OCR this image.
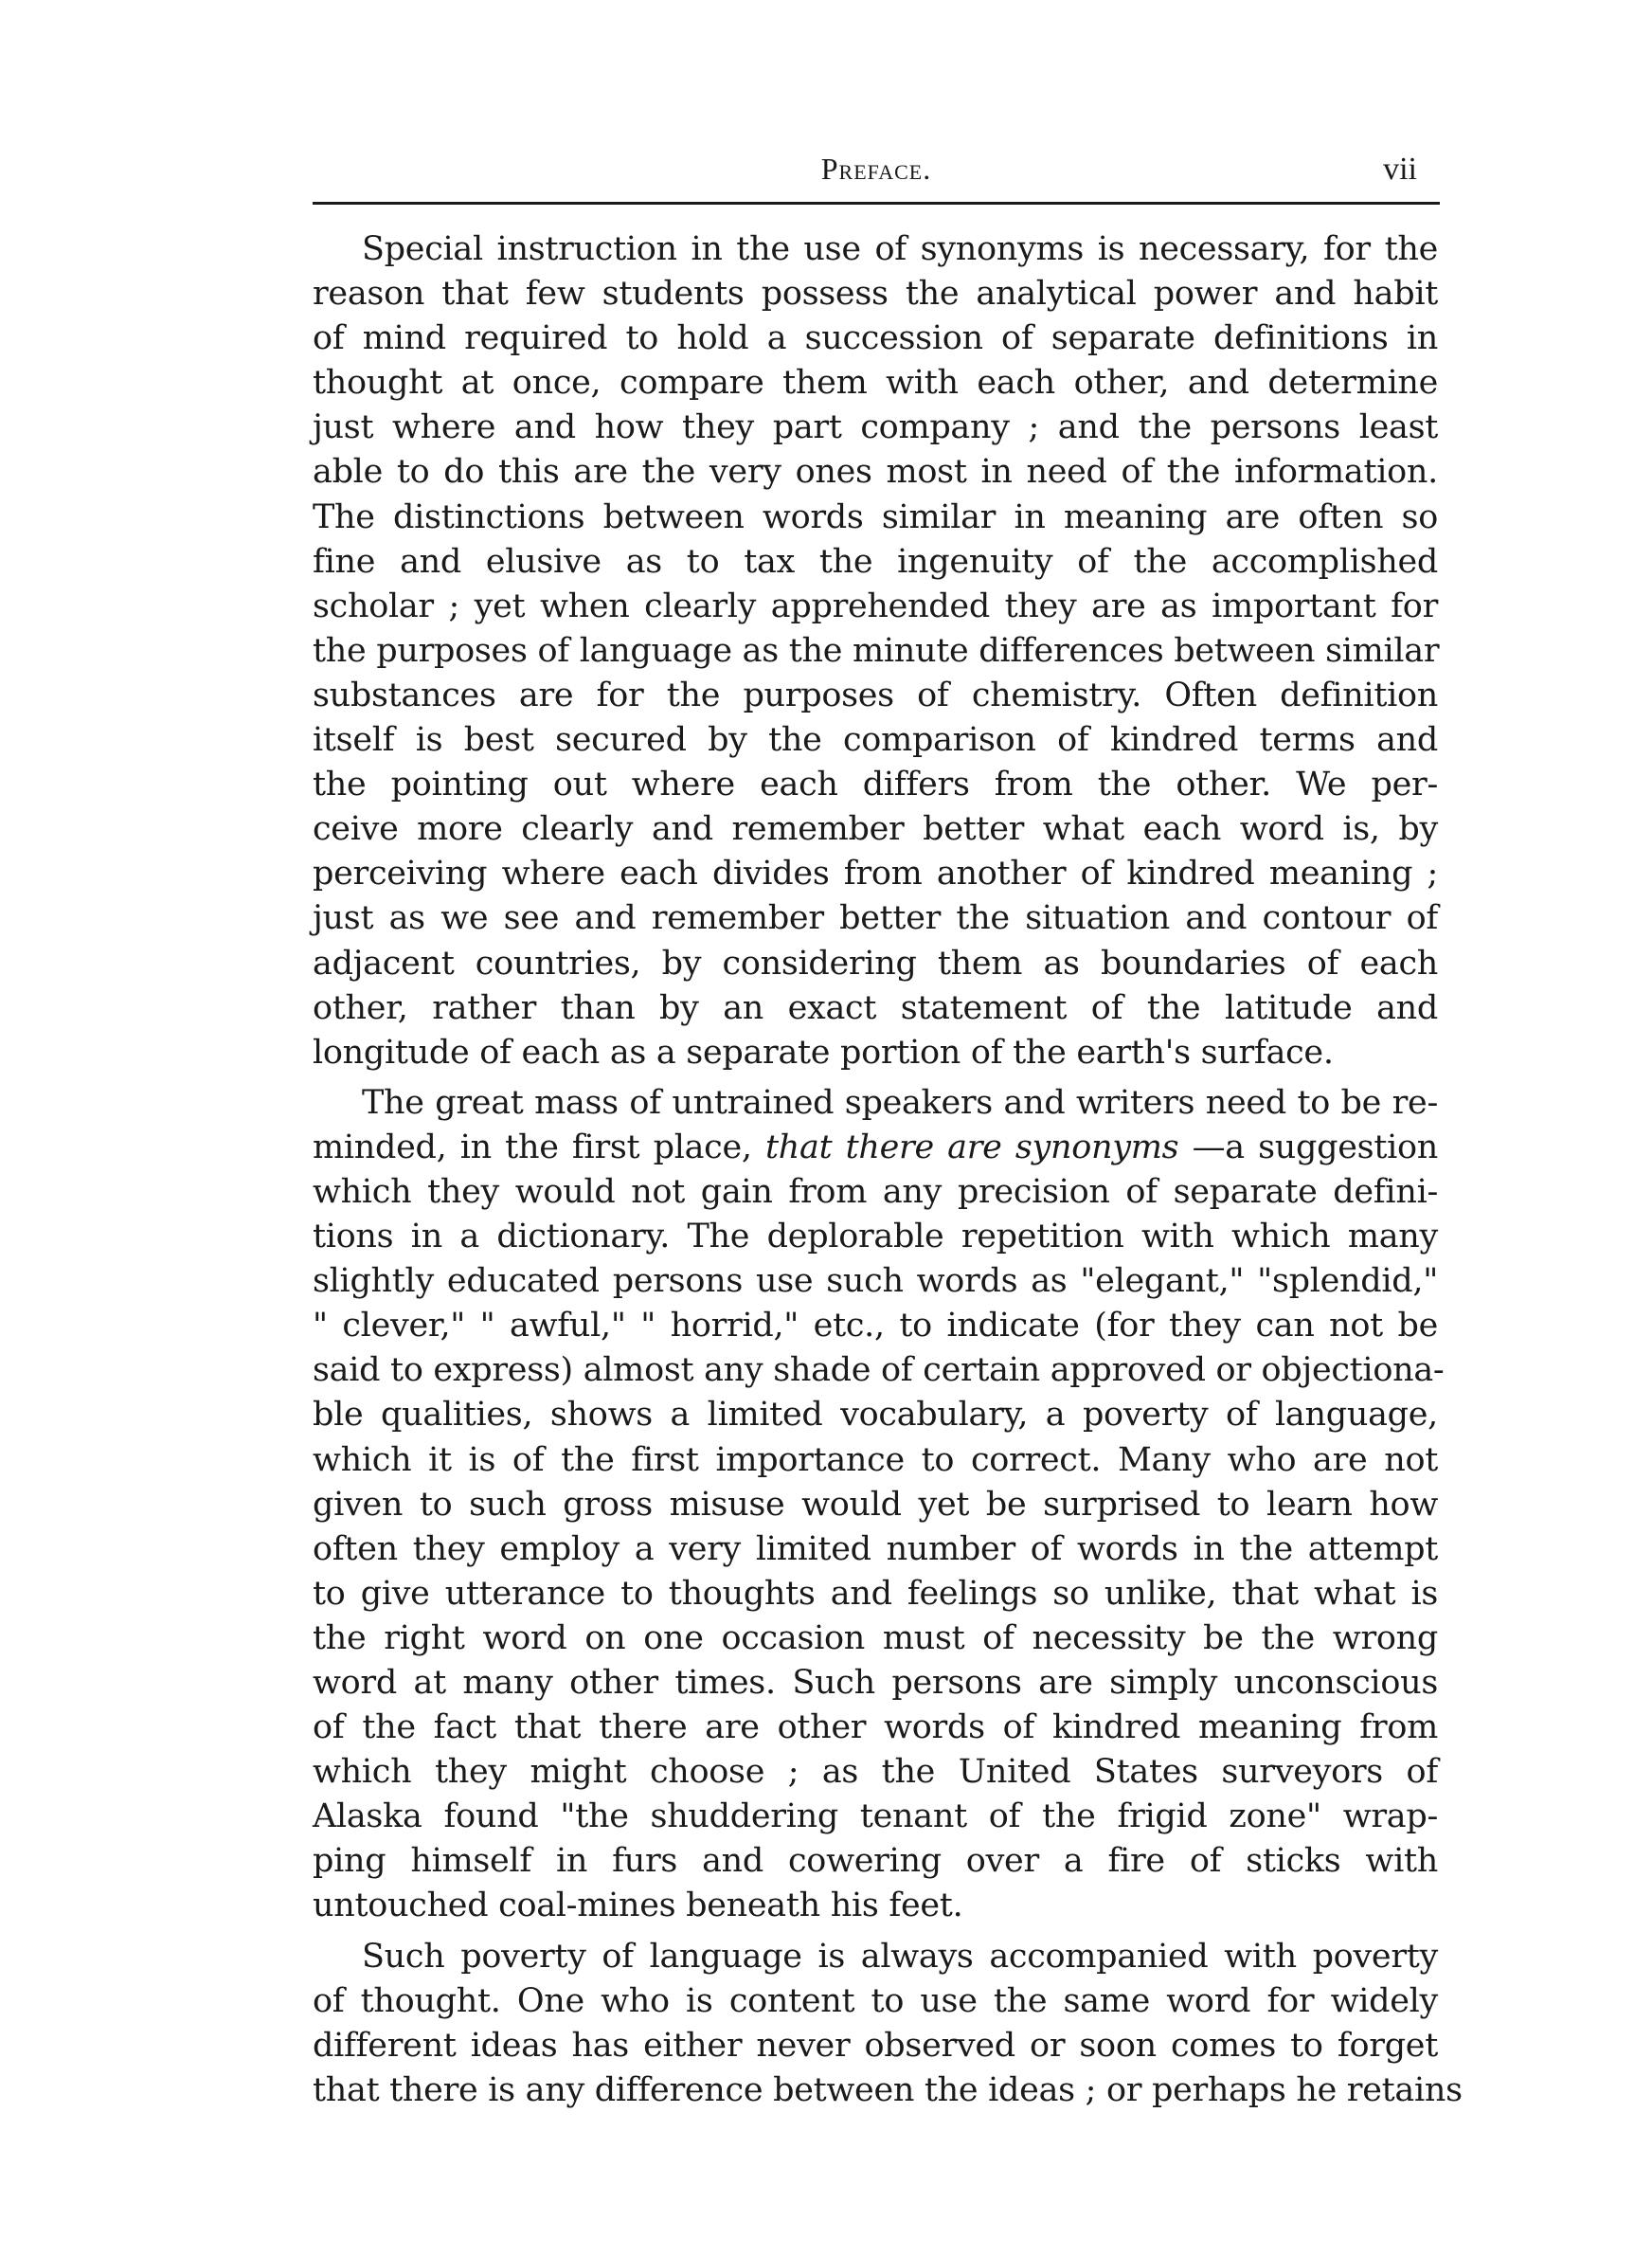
Preface.	vii
Special instruction in the use of synonyms is necessary, for the
reason that few students possess the analytical power and habit
of mind required to hold a succession of separate definitions in
thought at once, compare them with each other, and determine
just where and how they part company ; and the persons least
able to do this are the very ones most in need of the information.
The distinctions between words similar in meaning are often so
fine and elusive as to tax the ingenuity of the accomplished
scholar ; yet when clearly apprehended they are as important for
the purposes of language as the minute differences between similar
substances are for the purposes of chemistry. Often definition
itself is best secured by the comparison of kindred terms and
the pointing out where each differs from the other. We per-
ceive more clearly and remember better what each word is, by
perceiving where each divides from another of kindred meaning ;
just as we see and remember better the situation and contour of
adjacent countries, by considering them as boundaries of each
other, rather than by an exact statement of the latitude and
longitude of each as a separate portion of the earth's surface.
The great mass of untrained speakers and writers need to be re-
minded, in the first place, that there are synonyms —a suggestion
which they would not gain from any precision of separate defini-
tions in a dictionary. The deplorable repetition with which many
slightly educated persons use such words as "elegant," "splendid,"
" clever," " awful," " horrid," etc., to indicate (for they can not be
said to express) almost any shade of certain approved or objectiona-
ble qualities, shows a limited vocabulary, a poverty of language,
which it is of the first importance to correct. Many who are not
given to such gross misuse would yet be surprised to learn how
often they employ a very limited number of words in the attempt
to give utterance to thoughts and feelings so unlike, that what is
the right word on one occasion must of necessity be the wrong
word at many other times. Such persons are simply unconscious
of the fact that there are other words of kindred meaning from
which they might choose ; as the United States surveyors of
Alaska found "the shuddering tenant of the frigid zone" wrap-
ping himself in furs and cowering over a fire of sticks with
untouched coal-mines beneath his feet.
Such poverty of language is always accompanied with poverty
of thought. One who is content to use the same word for widely
different ideas has either never observed or soon comes to forget
that there is any difference between the ideas ; or perhaps he retains
